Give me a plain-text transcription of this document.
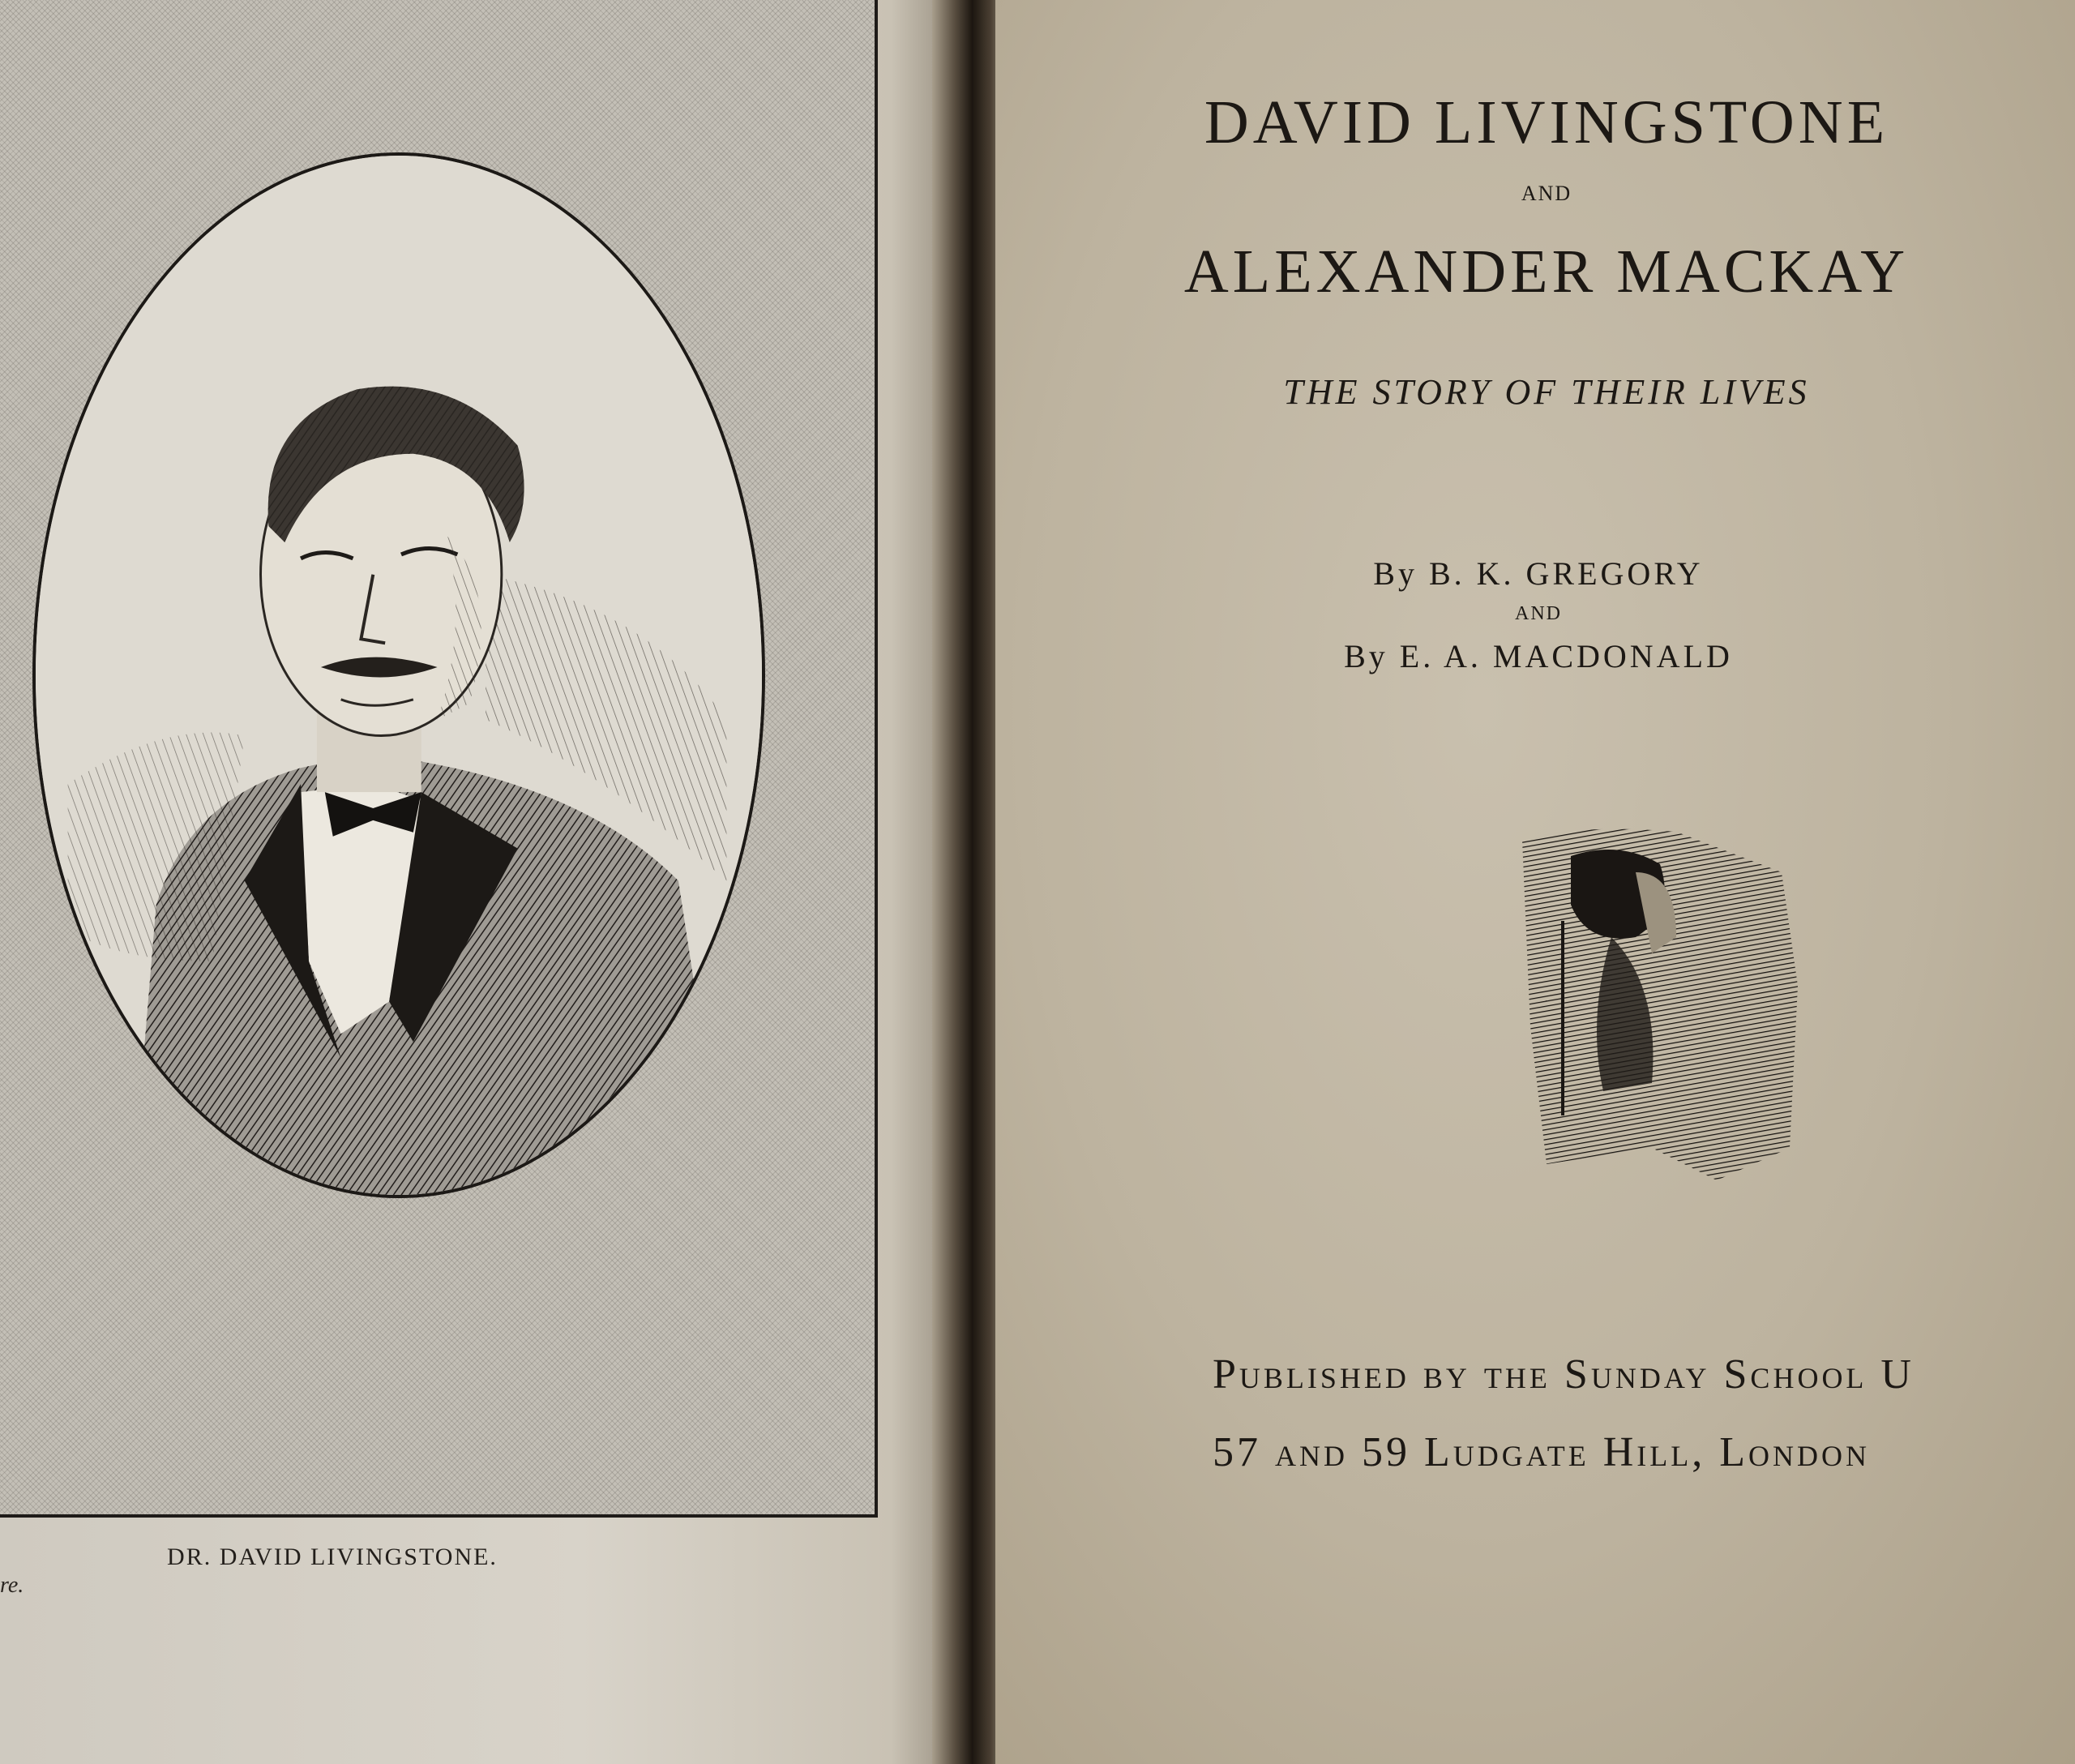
DR. DAVID LIVINGSTONE.
re.
DAVID LIVINGSTONE
AND
ALEXANDER MACKAY
THE STORY OF THEIR LIVES
By B. K. GREGORY
AND
By E. A. MACDONALD
Published by the Sunday School U
57 and 59 Ludgate Hill, London
